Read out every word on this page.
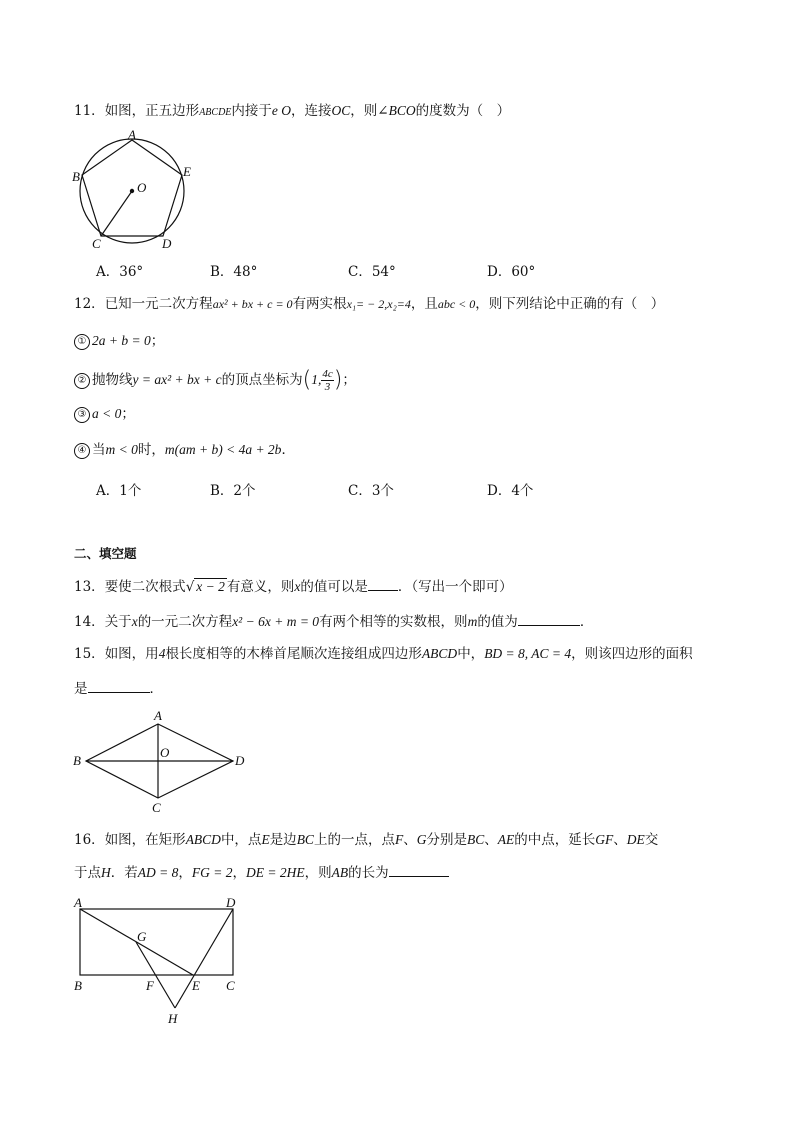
11．如图，正五边形ABCDE内接于e O，连接OC，则∠BCO的度数为（　）
A
B
C	D
E
O
A．36°	B．48°	C．54°	D．60°
12．已知一元二次方程ax² + bx + c = 0有两实根x₁= − 2,x₂=4，且abc < 0，则下列结论中正确的有（　）
① 2a + b = 0；
② 抛物线y = ax² + bx + c的顶点坐标为(1, $\frac{4c}{3}$ )；
③ a < 0；
④ 当m < 0时，m(am + b) < 4a + 2b．
A．1个	B．2个	C．3个	D．4个
二、填空题
13．要使二次根式√ x − 2 有意义，则x的值可以是 ．（写出一个即可）
14．关于x的一元二次方程x² − 6x + m = 0有两个相等的实数根，则m的值为	．
15．如图，用4根长度相等的木棒首尾顺次连接组成四边形ABCD中，BD = 8, AC = 4，则该四边形的面积
是	．
A
B
C
D
O
16．如图，在矩形ABCD中，点E是边BC上的一点，点F、G分别是BC、AE的中点，延长GF、DE交
于点H．若AD = 8，FG = 2，DE = 2HE，则AB的长为
A
B	C
D
E
F
G
H
